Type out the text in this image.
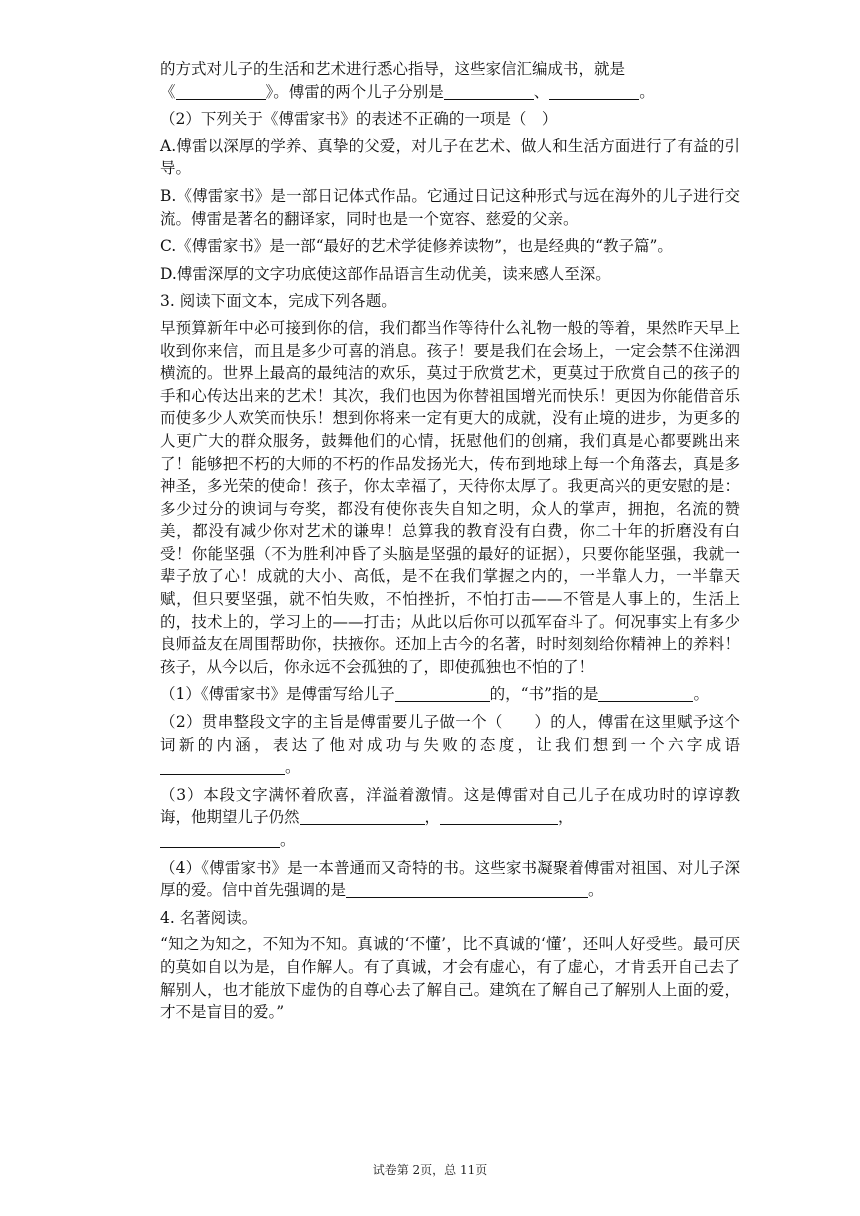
的方式对儿子的生活和艺术进行悉心指导，这些家信汇编成书，就是
《	》。傅雷的两个儿子分别是	、	。

（2）下列关于《傅雷家书》的表述不正确的一项是（　）

A.傅雷以深厚的学养、真挚的父爱，对儿子在艺术、做人和生活方面进行了有益的引导。

B.《傅雷家书》是一部日记体式作品。它通过日记这种形式与远在海外的儿子进行交流。傅雷是著名的翻译家，同时也是一个宽容、慈爱的父亲。

C.《傅雷家书》是一部“最好的艺术学徒修养读物”，也是经典的“教子篇”。

D.傅雷深厚的文字功底使这部作品语言生动优美，读来感人至深。

3. 阅读下面文本，完成下列各题。

早预算新年中必可接到你的信，我们都当作等待什么礼物一般的等着，果然昨天早上收到你来信，而且是多少可喜的消息。孩子！要是我们在会场上，一定会禁不住涕泗横流的。世界上最高的最纯洁的欢乐，莫过于欣赏艺术，更莫过于欣赏自己的孩子的手和心传达出来的艺术！其次，我们也因为你替祖国增光而快乐！更因为你能借音乐而使多少人欢笑而快乐！想到你将来一定有更大的成就，没有止境的进步，为更多的人更广大的群众服务，鼓舞他们的心情，抚慰他们的创痛，我们真是心都要跳出来了！能够把不朽的大师的不朽的作品发扬光大，传布到地球上每一个角落去，真是多神圣，多光荣的使命！孩子，你太幸福了，天待你太厚了。我更高兴的更安慰的是：多少过分的谀词与夸奖，都没有使你丧失自知之明，众人的掌声，拥抱，名流的赞美，都没有减少你对艺术的谦卑！总算我的教育没有白费，你二十年的折磨没有白受！你能坚强（不为胜利冲昏了头脑是坚强的最好的证据），只要你能坚强，我就一辈子放了心！成就的大小、高低，是不在我们掌握之内的，一半靠人力，一半靠天赋，但只要坚强，就不怕失败，不怕挫折，不怕打击——不管是人事上的，生活上的，技术上的，学习上的——打击；从此以后你可以孤军奋斗了。何况事实上有多少良师益友在周围帮助你，扶掖你。还加上古今的名著，时时刻刻给你精神上的养料！孩子，从今以后，你永远不会孤独的了，即使孤独也不怕的了！

（1）《傅雷家书》是傅雷写给儿子	的，“书”指的是	。

（2）贯串整段文字的主旨是傅雷要儿子做一个（　　）的人，傅雷在这里赋予这个词新的内涵，表达了他对成功与失败的态度，让我们想到一个六字成语。

（3）本段文字满怀着欣喜，洋溢着激情。这是傅雷对自己儿子在成功时的谆谆教诲，他期望儿子仍然	，	，
。

（4）《傅雷家书》是一本普通而又奇特的书。这些家书凝聚着傅雷对祖国、对儿子深厚的爱。信中首先强调的是	。

4. 名著阅读。

“知之为知之，不知为不知。真诚的‘不懂’，比不真诚的‘懂’，还叫人好受些。最可厌的莫如自以为是，自作解人。有了真诚，才会有虚心，有了虚心，才肯丢开自己去了解别人，也才能放下虚伪的自尊心去了解自己。建筑在了解自己了解别人上面的爱，才不是盲目的爱。”

试卷第 2页，总 11页
